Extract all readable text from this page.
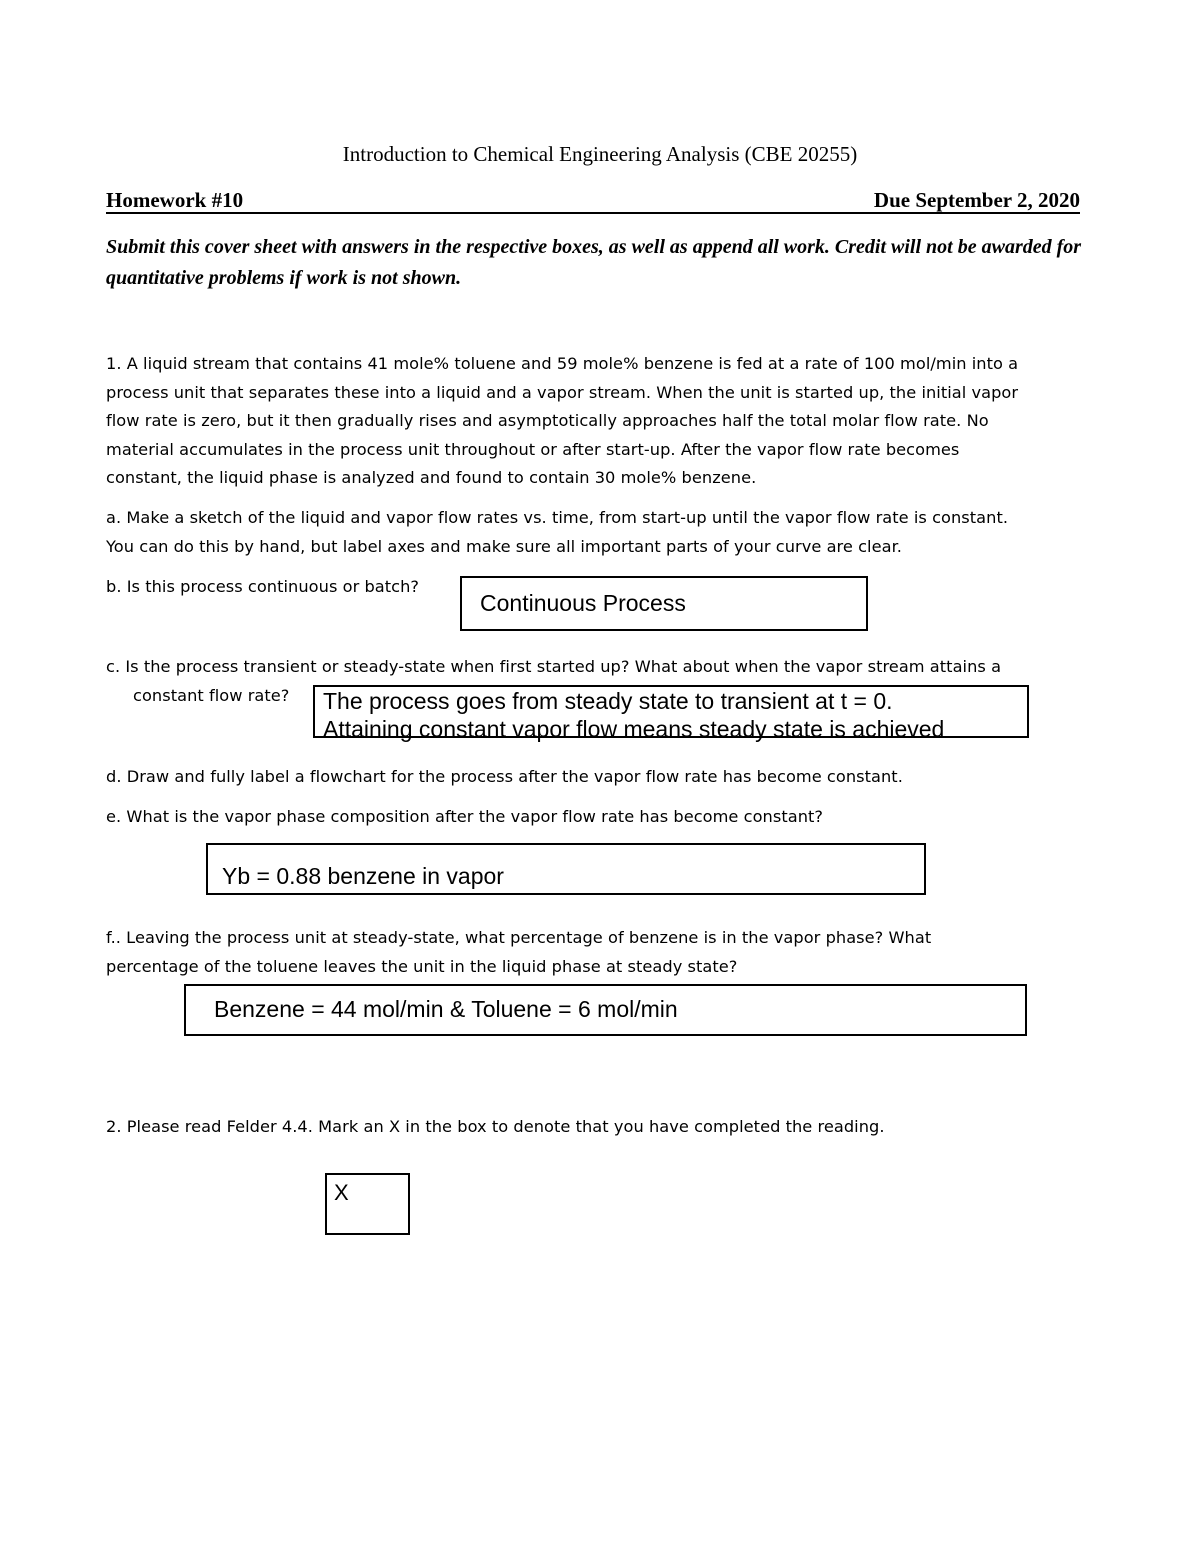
Introduction to Chemical Engineering Analysis (CBE 20255)
Homework #10	Due September 2, 2020
Submit this cover sheet with answers in the respective boxes, as well as append all work. Credit will not be awarded for quantitative problems if work is not shown.
1. A liquid stream that contains 41 mole% toluene and 59 mole% benzene is fed at a rate of 100 mol/min into a
process unit that separates these into a liquid and a vapor stream. When the unit is started up, the initial vapor
flow rate is zero, but it then gradually rises and asymptotically approaches half the total molar flow rate. No
material accumulates in the process unit throughout or after start-up. After the vapor flow rate becomes
constant, the liquid phase is analyzed and found to contain 30 mole% benzene.
a. Make a sketch of the liquid and vapor flow rates vs. time, from start-up until the vapor flow rate is constant.
You can do this by hand, but label axes and make sure all important parts of your curve are clear.
b. Is this process continuous or batch?
Continuous Process
c. Is the process transient or steady-state when first started up? What about when the vapor stream attains a
constant flow rate? The process goes from steady state to transient at t = 0.
Attaining constant vapor flow means steady state is achieved
d. Draw and fully label a flowchart for the process after the vapor flow rate has become constant.
e. What is the vapor phase composition after the vapor flow rate has become constant?
Yb = 0.88 benzene in vapor
f.. Leaving the process unit at steady-state, what percentage of benzene is in the vapor phase? What
percentage of the toluene leaves the unit in the liquid phase at steady state?
Benzene = 44 mol/min & Toluene = 6 mol/min
2. Please read Felder 4.4. Mark an X in the box to denote that you have completed the reading.
X
